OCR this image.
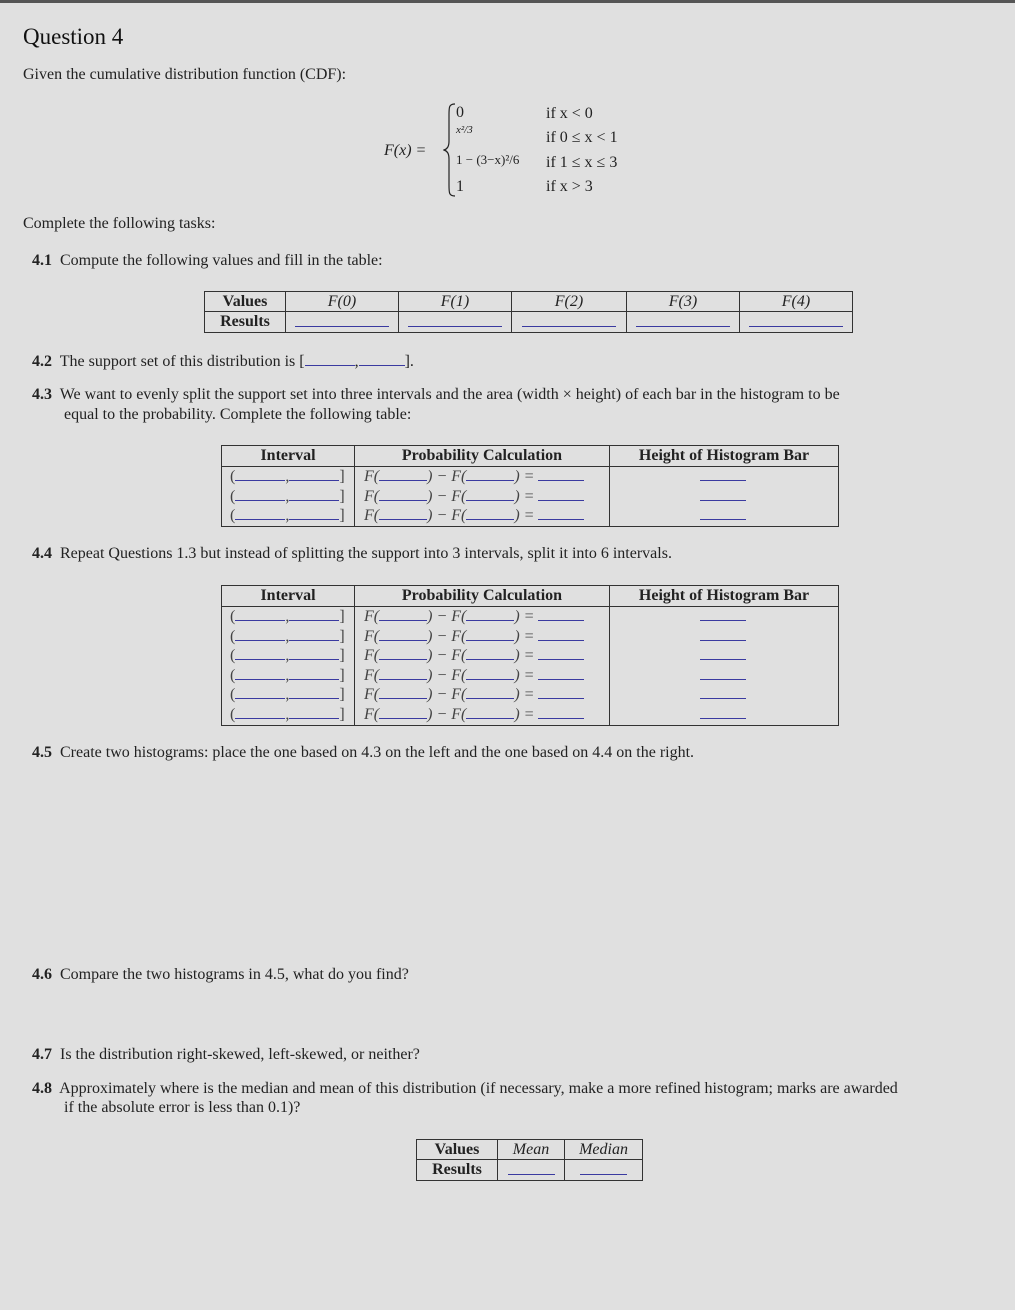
Question 4
Given the cumulative distribution function (CDF):
F(x) =
0
x²/3
1 − (3−x)²/6
1
if x < 0
if 0 ≤ x < 1
if 1 ≤ x ≤ 3
if x > 3
Complete the following tasks:
4.1 Compute the following values and fill in the table:
Values	F(0)	F(1)	F(2)	F(3)	F(4)
Results					
4.2 The support set of this distribution is [	,	].
4.3 We want to evenly split the support set into three intervals and the area (width × height) of each bar in the histogram to be
equal to the probability. Complete the following table:
Interval	Probability Calculation	Height of Histogram Bar
(	,	]	F(	) − F(	) =
(	,	]	F(	) − F(	) =
(	,	]	F(	) − F(	) =
4.4 Repeat Questions 1.3 but instead of splitting the support into 3 intervals, split it into 6 intervals.
Interval	Probability Calculation	Height of Histogram Bar
(	,	]	F(	) − F(	) =
(	,	]	F(	) − F(	) =
(	,	]	F(	) − F(	) =
(	,	]	F(	) − F(	) =
(	,	]	F(	) − F(	) =
(	,	]	F(	) − F(	) =
4.5 Create two histograms: place the one based on 4.3 on the left and the one based on 4.4 on the right.
4.6 Compare the two histograms in 4.5, what do you find?
4.7 Is the distribution right-skewed, left-skewed, or neither?
4.8 Approximately where is the median and mean of this distribution (if necessary, make a more refined histogram; marks are awarded
if the absolute error is less than 0.1)?
Values	Mean	Median
Results		
